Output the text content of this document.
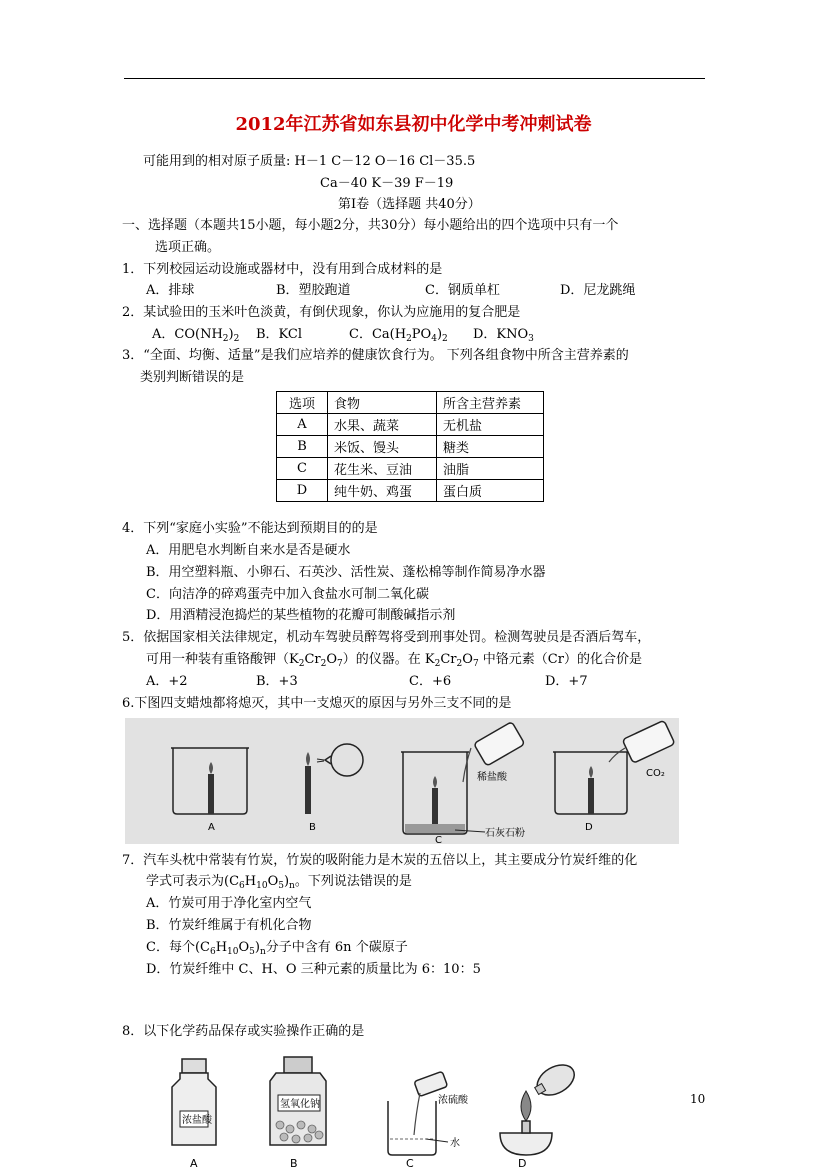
2012年江苏省如东县初中化学中考冲刺试卷
可能用到的相对原子质量: H－1 C－12 O－16 Cl－35.5
Ca－40 K－39 F－19
第Ⅰ卷（选择题 共40分）
一、选择题（本题共15小题，每小题2分，共30分）每小题给出的四个选项中只有一个
选项正确。
1．下列校园运动设施或器材中，没有用到合成材料的是
A．排球	B．塑胶跑道	C．钢质单杠	D．尼龙跳绳
2．某试验田的玉米叶色淡黄，有倒伏现象，你认为应施用的复合肥是
A．$CO(NH_2)_2$ B．KCl	C．$Ca(H_2PO_4)_2$ D．$KNO_3$
3．“全面、均衡、适量”是我们应培养的健康饮食行为。 下列各组食物中所含主营养素的
类别判断错误的是
选项	食物	所含主营养素
A	水果、蔬菜	无机盐
B	米饭、馒头	糖类
C	花生米、豆油	油脂
D	纯牛奶、鸡蛋	蛋白质
4．下列“家庭小实验”不能达到预期目的的是
A．用肥皂水判断自来水是否是硬水
B．用空塑料瓶、小卵石、石英沙、活性炭、蓬松棉等制作简易净水器
C．向洁净的碎鸡蛋壳中加入食盐水可制二氧化碳
D．用酒精浸泡捣烂的某些植物的花瓣可制酸碱指示剂
5．依据国家相关法律规定，机动车驾驶员醉驾将受到刑事处罚。检测驾驶员是否酒后驾车，
可用一种装有重铬酸钾$(K_2Cr_2O_7)$的仪器。在 $K_2Cr_2O_7$ 中铬元素（Cr）的化合价是
A．+2	B．+3	C．+6	D．+7
6.下图四支蜡烛都将熄灭，其中一支熄灭的原因与另外三支不同的是
稀盐酸
石灰石粉
CO₂
A	B
C
D
7．汽车头枕中常装有竹炭，竹炭的吸附能力是木炭的五倍以上，其主要成分竹炭纤维的化
学式可表示为$(C_6H_{10}O_5)_n$。下列说法错误的是
A．竹炭可用于净化室内空气
B．竹炭纤维属于有机化合物
C．每个$(C_6H_{10}O_5)_n$分子中含有 6n 个碳原子
D．竹炭纤维中 C、H、O 三种元素的质量比为 6：10：5
8．以下化学药品保存或实验操作正确的是
浓盐酸
氢氧化钠	浓硫酸
水
A	B	C	D
10
